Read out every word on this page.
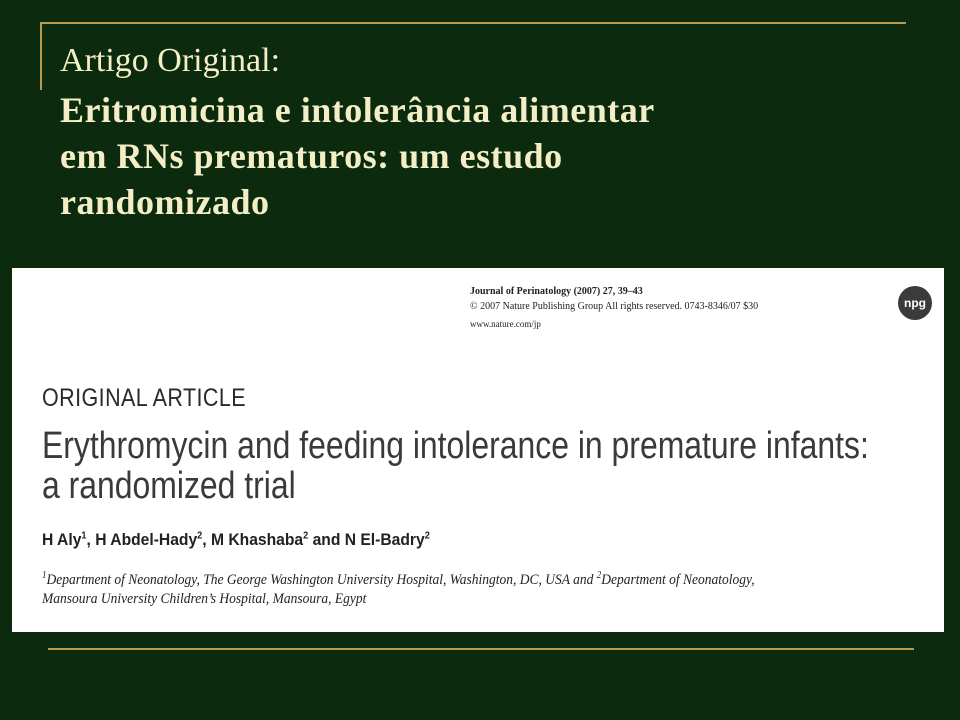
Artigo Original:
Eritromicina e intolerância alimentar
em RNs prematuros: um estudo
randomizado
Journal of Perinatology (2007) 27, 39–43
© 2007 Nature Publishing Group All rights reserved. 0743-8346/07 $30
www.nature.com/jp
npg
ORIGINAL ARTICLE
Erythromycin and feeding intolerance in premature infants:
a randomized trial
H Aly$^1$, H Abdel-Hady$^2$, M Khashaba$^2$ and N El-Badry$^2$
$^1$Department of Neonatology, The George Washington University Hospital, Washington, DC, USA and $^2$Department of Neonatology,
Mansoura University Children’s Hospital, Mansoura, Egypt
